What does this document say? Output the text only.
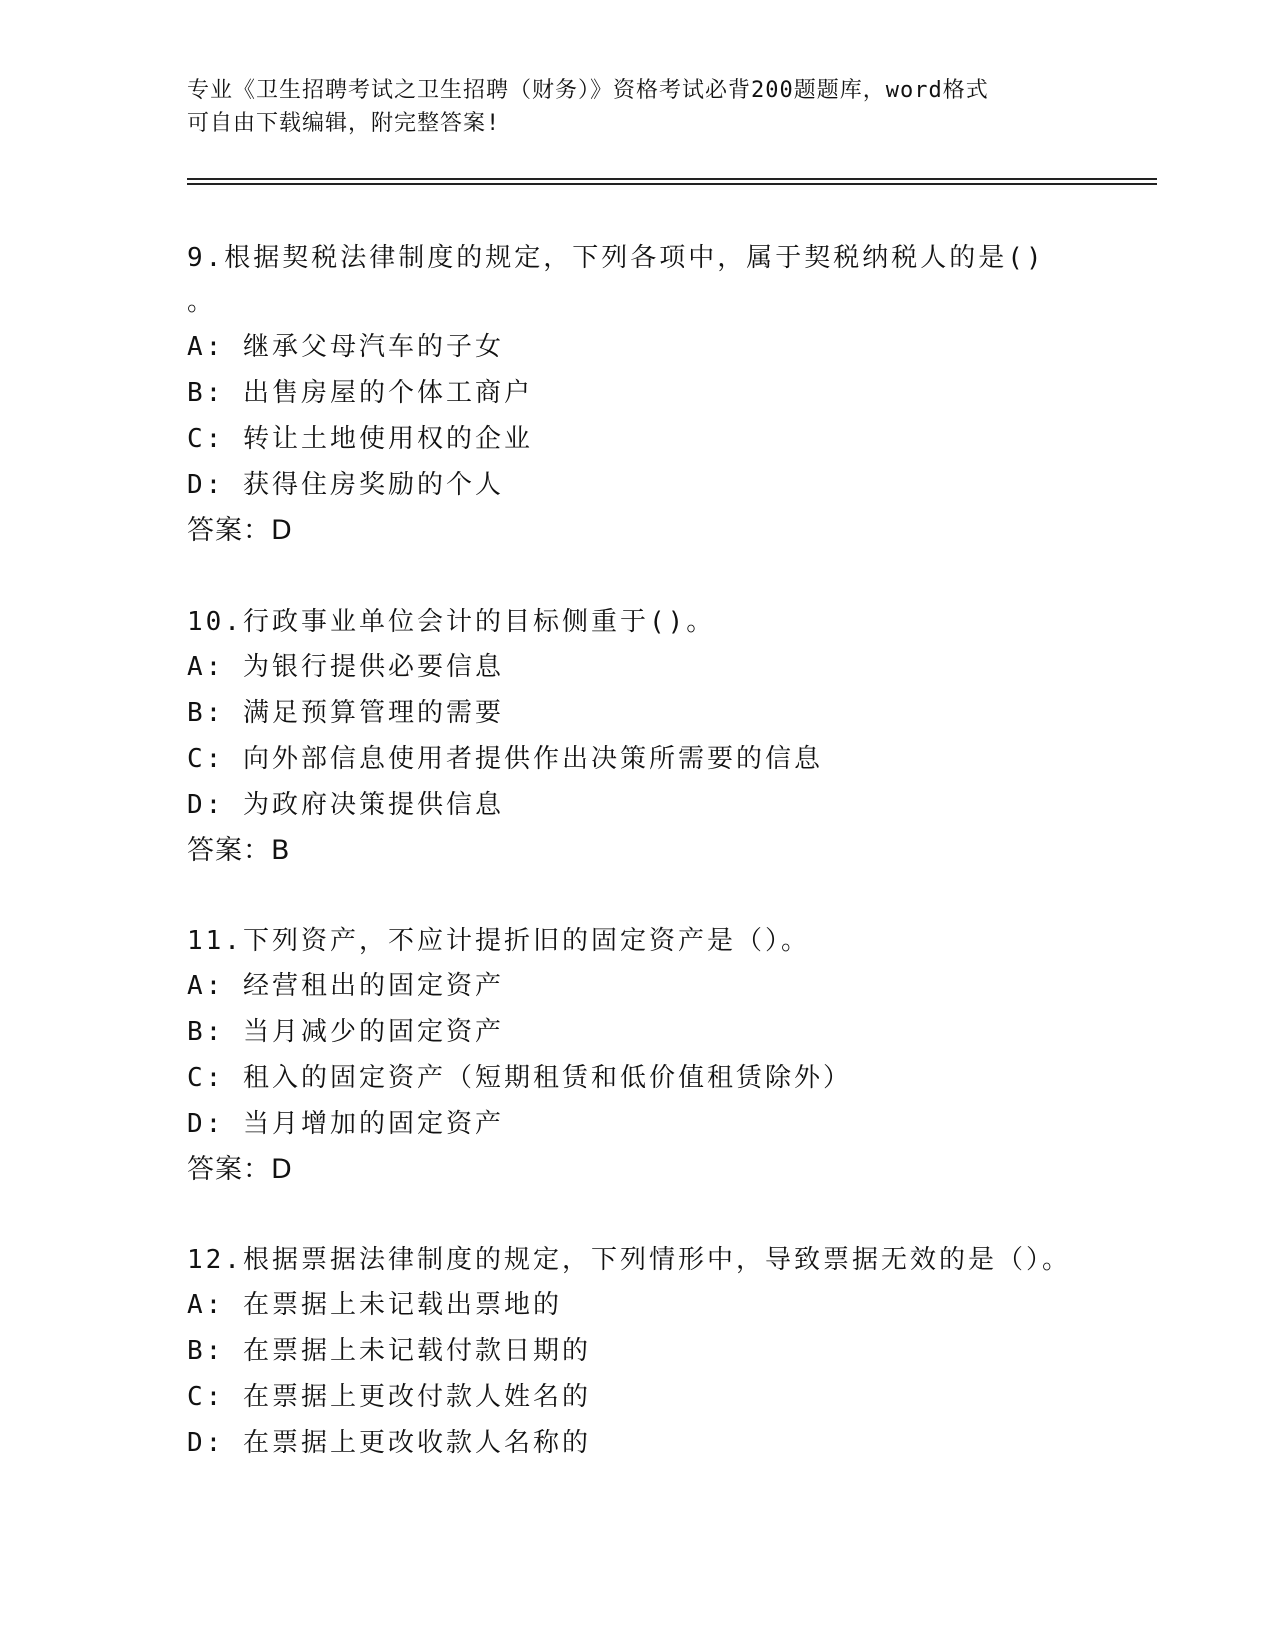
专业《卫生招聘考试之卫生招聘（财务）》资格考试必背200题题库，word格式
可自由下载编辑，附完整答案!

9.根据契税法律制度的规定，下列各项中，属于契税纳税人的是()

。

A: 继承父母汽车的子女

B: 出售房屋的个体工商户

C: 转让土地使用权的企业

D: 获得住房奖励的个人

答案：D

10.行政事业单位会计的目标侧重于()。

A: 为银行提供必要信息

B: 满足预算管理的需要

C: 向外部信息使用者提供作出决策所需要的信息

D: 为政府决策提供信息

答案：B

11.下列资产，不应计提折旧的固定资产是（）。

A: 经营租出的固定资产

B: 当月减少的固定资产

C: 租入的固定资产（短期租赁和低价值租赁除外）

D: 当月增加的固定资产

答案：D

12.根据票据法律制度的规定，下列情形中，导致票据无效的是（）。

A: 在票据上未记载出票地的

B: 在票据上未记载付款日期的

C: 在票据上更改付款人姓名的

D: 在票据上更改收款人名称的
